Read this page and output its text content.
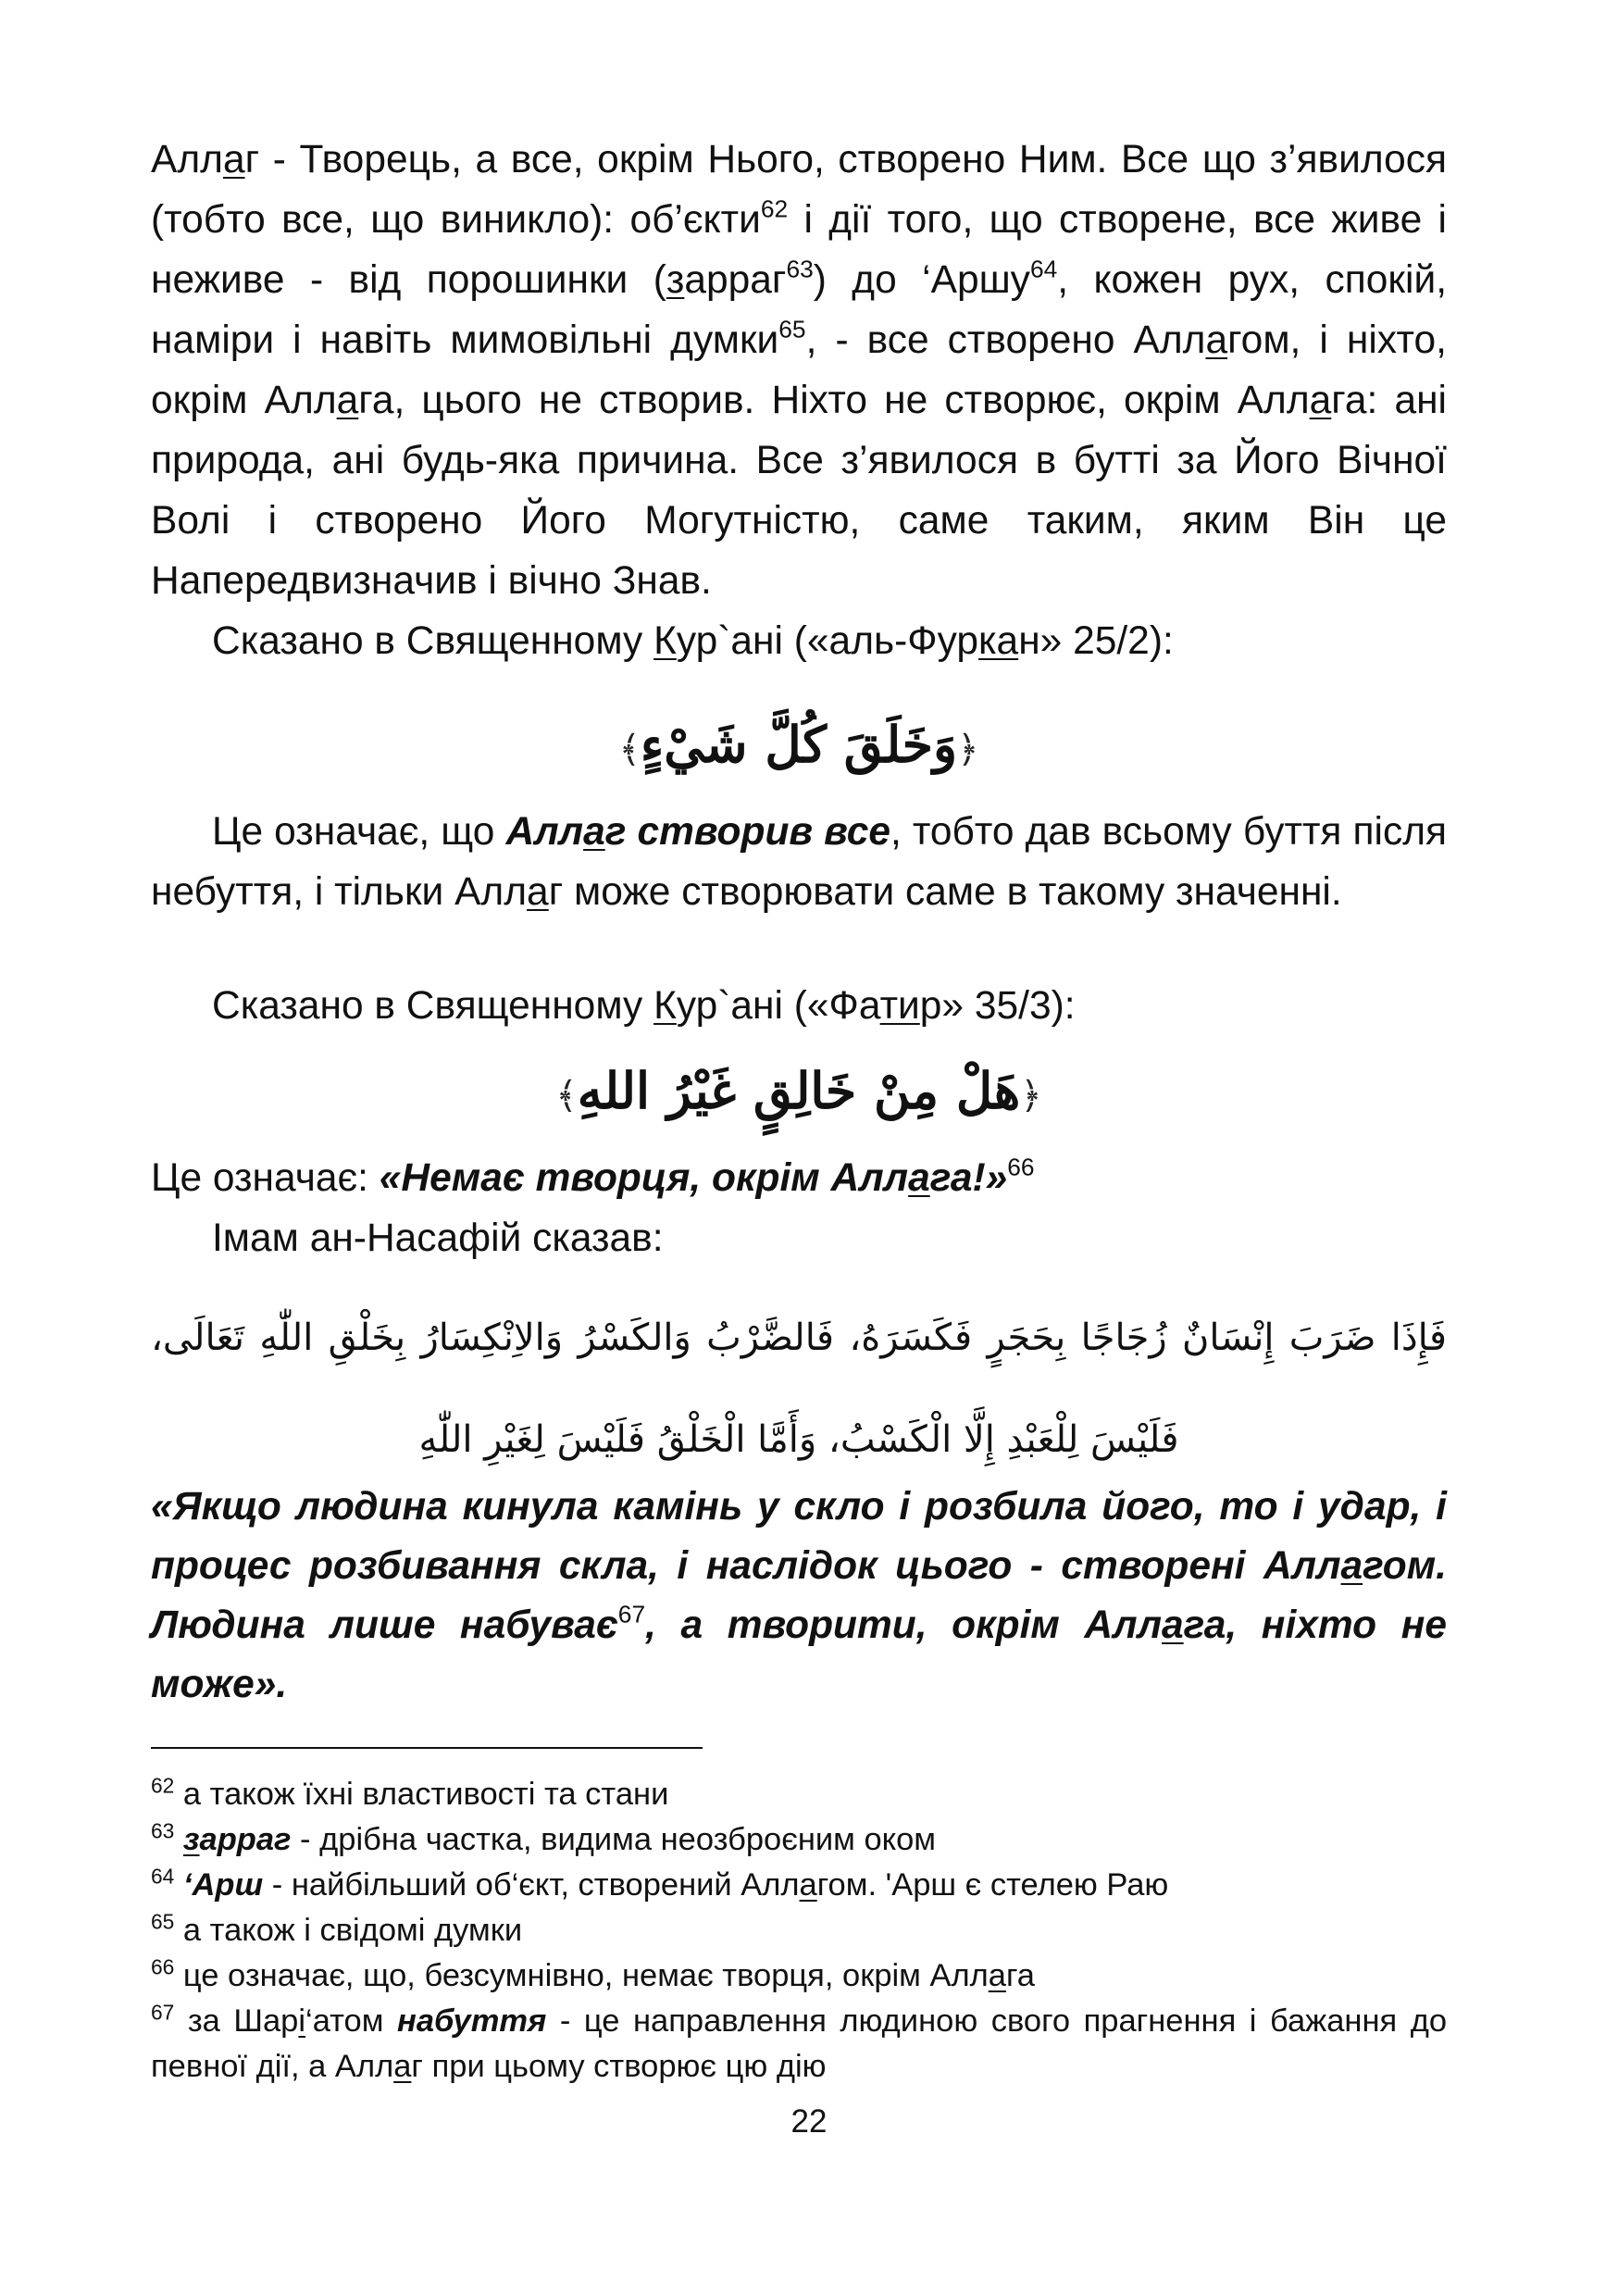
Аллаг - Творець, а все, окрім Нього, створено Ним. Все що з’явилося (тобто все, що виникло): об’єкти$^{62}$ і дії того, що створене, все живе і неживе - від порошинки (зарраг$^{63}$) до ‘Аршу$^{64}$, кожен рух, спокій, наміри і навіть мимовільні думки$^{65}$, - все створено Аллагом, і ніхто, окрім Аллага, цього не створив. Ніхто не створює, окрім Аллага: ані природа, ані будь-яка причина. Все з’явилося в бутті за Його Вічної Волі і створено Його Могутністю, саме таким, яким Він це Напередвизначив і вічно Знав.

Сказано в Священному Кур`ані («аль-Фуркан» 25/2):

﴿وَخَلَقَ كُلَّ شَيْءٍ﴾

Це означає, що Аллаг створив все, тобто дав всьому буття після небуття, і тільки Аллаг може створювати саме в такому значенні.

Сказано в Священному Кур`ані («Фатир» 35/3):

﴿هَلْ مِنْ خَالِقٍ غَيْرُ اللهِ﴾

Це означає: «Немає творця, окрім Аллага!»$^{66}$

Імам ан-Насафій сказав:

فَإِذَا ضَرَبَ إِنْسَانٌ زُجَاجًا بِحَجَرٍ فَكَسَرَهُ، فَالضَّرْبُ وَالكَسْرُ وَالاِنْكِسَارُ بِخَلْقِ اللّٰهِ تَعَالَى، فَلَيْسَ لِلْعَبْدِ إِلَّا الْكَسْبُ، وَأَمَّا الْخَلْقُ فَلَيْسَ لِغَيْرِ اللّٰهِ
«Якщо людина кинула камінь у скло і розбила його, то і удар, і процес розбивання скла, і наслідок цього - створені Аллагом. Людина лише набуває$^{67}$, а творити, окрім Аллага, ніхто не може».

$^{62}$ а також їхні властивості та стани

$^{63}$ зарраг - дрібна частка, видима неозброєним оком

$^{64}$ ‘Арш - найбільший об‘єкт, створений Аллагом. 'Арш є стелею Раю

$^{65}$ а також і свідомі думки

$^{66}$ це означає, що, безсумнівно, немає творця, окрім Аллага

$^{67}$ за Шарі‘атом набуття - це направлення людиною свого прагнення і бажання до певної дії, а Аллаг при цьому створює цю дію

22
